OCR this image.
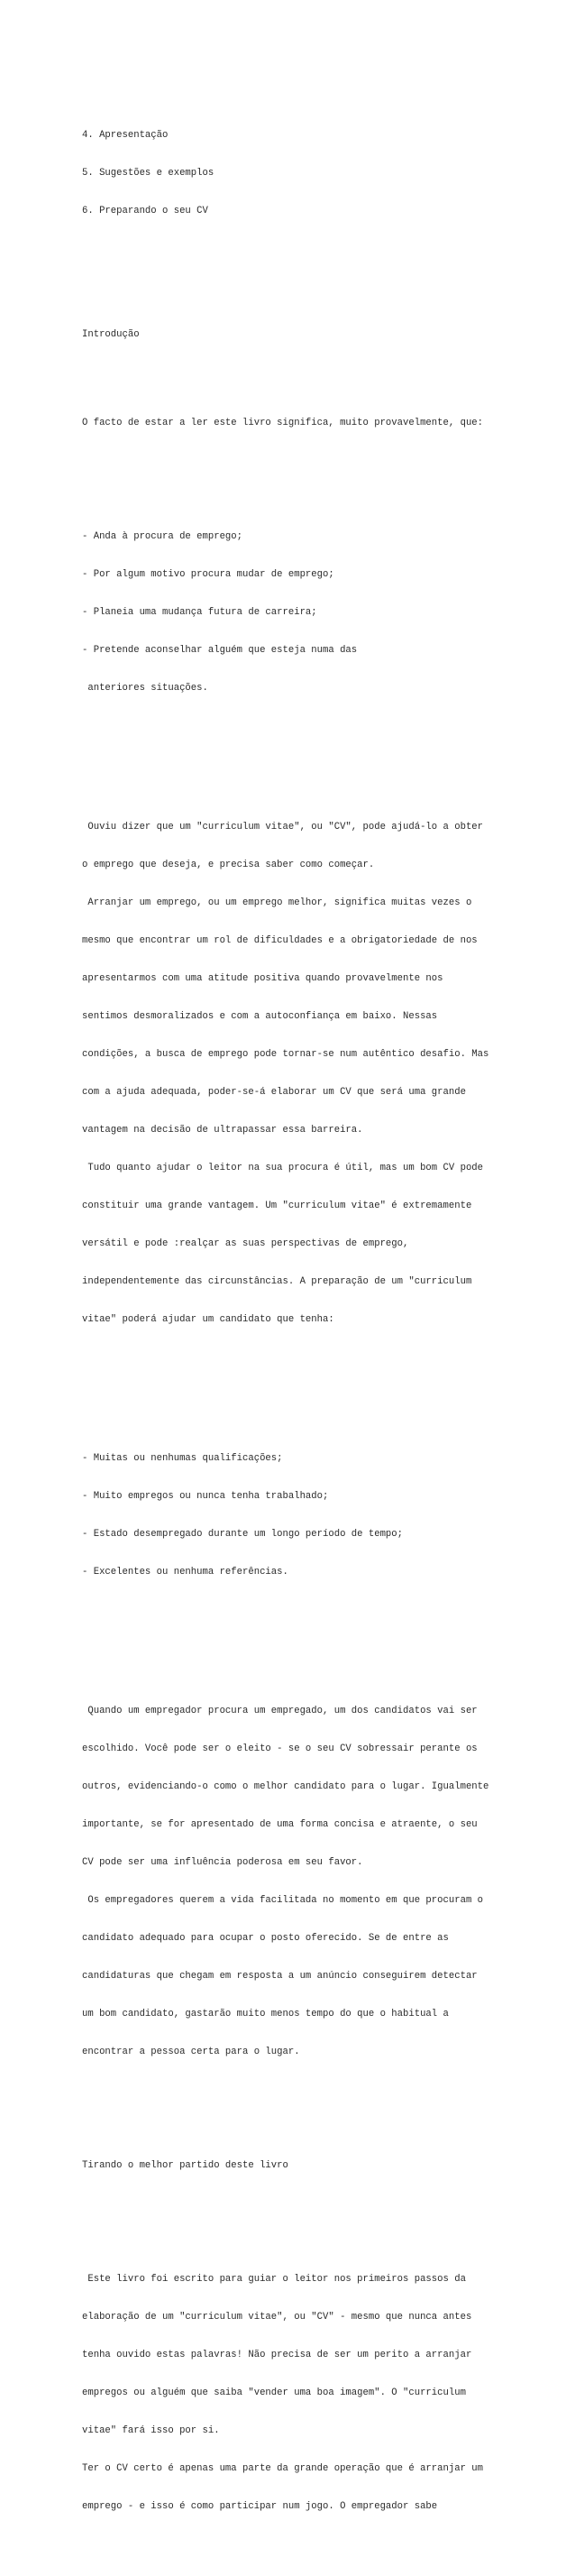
4. Apresentação

5. Sugestões e exemplos

6. Preparando o seu CV

Introdução

O facto de estar a ler este livro significa, muito provavelmente, que:

- Anda à procura de emprego;

- Por algum motivo procura mudar de emprego;

- Planeia uma mudança futura de carreira;

- Pretende aconselhar alguém que esteja numa das

anteriores situações.

Ouviu dizer que um "curriculum vitae", ou "CV", pode ajudá-lo a obter

o emprego que deseja, e precisa saber como começar.

Arranjar um emprego, ou um emprego melhor, significa muitas vezes o

mesmo que encontrar um rol de dificuldades e a obrigatoriedade de nos

apresentarmos com uma atitude positiva quando provavelmente nos

sentimos desmoralizados e com a autoconfiança em baixo. Nessas

condições, a busca de emprego pode tornar-se num autêntico desafio. Mas

com a ajuda adequada, poder-se-á elaborar um CV que será uma grande

vantagem na decisão de ultrapassar essa barreira.

Tudo quanto ajudar o leitor na sua procura é útil, mas um bom CV pode

constituir uma grande vantagem. Um "curriculum vitae" é extremamente

versátil e pode :realçar as suas perspectivas de emprego,

independentemente das circunstâncias. A preparação de um "curriculum

vitae" poderá ajudar um candidato que tenha:

- Muitas ou nenhumas qualificações;

- Muito empregos ou nunca tenha trabalhado;

- Estado desempregado durante um longo período de tempo;

- Excelentes ou nenhuma referências.

Quando um empregador procura um empregado, um dos candidatos vai ser

escolhido. Você pode ser o eleito - se o seu CV sobressair perante os

outros, evidenciando-o como o melhor candidato para o lugar. Igualmente

importante, se for apresentado de uma forma concisa e atraente, o seu

CV pode ser uma influência poderosa em seu favor.

Os empregadores querem a vida facilitada no momento em que procuram o

candidato adequado para ocupar o posto oferecido. Se de entre as

candidaturas que chegam em resposta a um anúncio conseguirem detectar

um bom candidato, gastarão muito menos tempo do que o habitual a

encontrar a pessoa certa para o lugar.

Tirando o melhor partido deste livro

Este livro foi escrito para guiar o leitor nos primeiros passos da

elaboração de um "curriculum vitae", ou "CV" - mesmo que nunca antes

tenha ouvido estas palavras! Não precisa de ser um perito a arranjar

empregos ou alguém que saiba "vender uma boa imagem". O "curriculum

vitae" fará isso por si.

Ter o CV certo é apenas uma parte da grande operação que é arranjar um

emprego - e isso é como participar num jogo. O empregador sabe
